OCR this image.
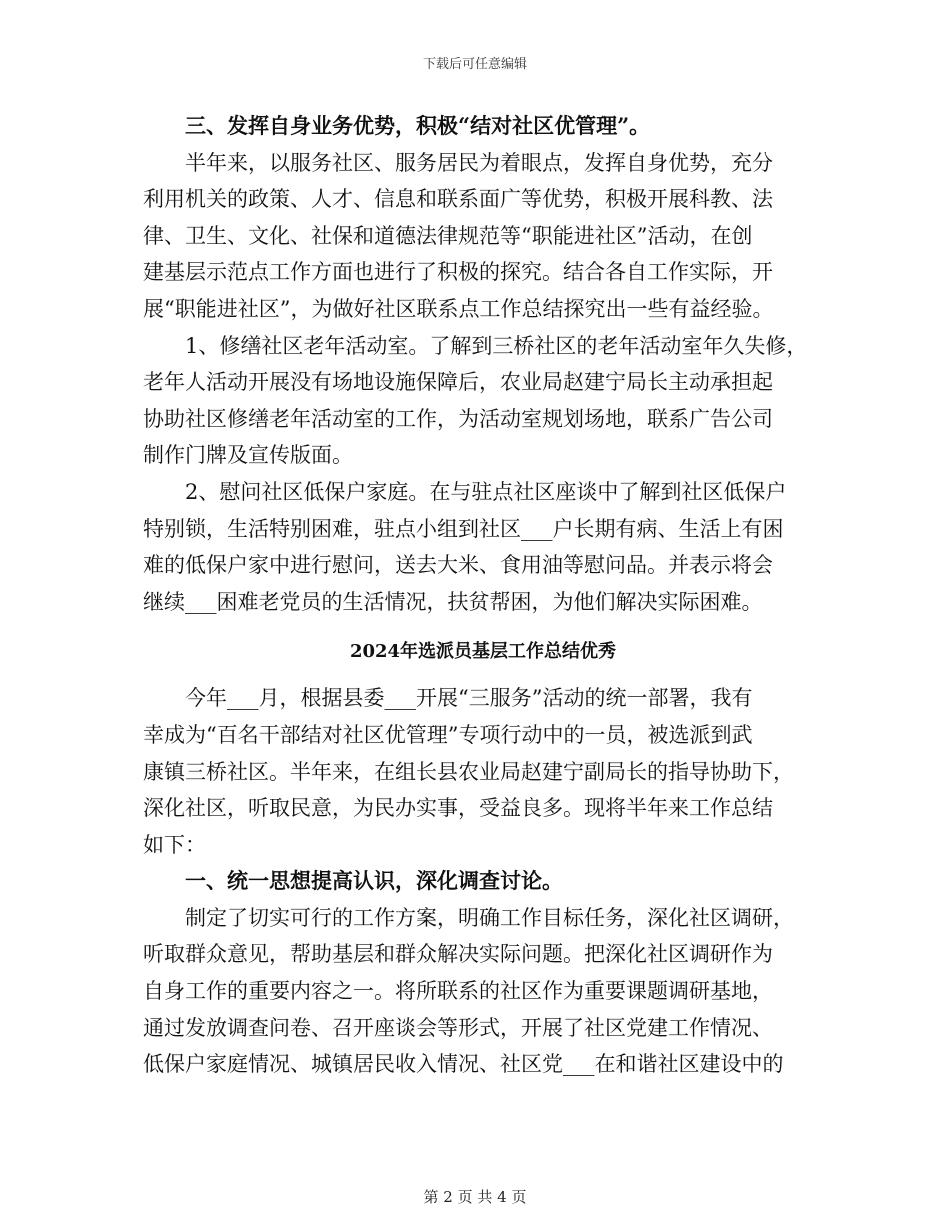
下载后可任意编辑
三、发挥自身业务优势，积极“结对社区优管理”。
半年来，以服务社区、服务居民为着眼点，发挥自身优势，充分
利用机关的政策、人才、信息和联系面广等优势，积极开展科教、法
律、卫生、文化、社保和道德法律规范等“职能进社区”活动，在创
建基层示范点工作方面也进行了积极的探究。结合各自工作实际，开
展“职能进社区”，为做好社区联系点工作总结探究出一些有益经验。
1、修缮社区老年活动室。了解到三桥社区的老年活动室年久失修，
老年人活动开展没有场地设施保障后，农业局赵建宁局长主动承担起
协助社区修缮老年活动室的工作，为活动室规划场地，联系广告公司
制作门牌及宣传版面。
2、慰问社区低保户家庭。在与驻点社区座谈中了解到社区低保户
特别锁，生活特别困难，驻点小组到社区___户长期有病、生活上有困
难的低保户家中进行慰问，送去大米、食用油等慰问品。并表示将会
继续___困难老党员的生活情况，扶贫帮困，为他们解决实际困难。
2024年选派员基层工作总结优秀
今年___月，根据县委___开展“三服务”活动的统一部署，我有
幸成为“百名干部结对社区优管理”专项行动中的一员，被选派到武
康镇三桥社区。半年来，在组长县农业局赵建宁副局长的指导协助下，
深化社区，听取民意，为民办实事，受益良多。现将半年来工作总结
如下：
一、统一思想提高认识，深化调查讨论。
制定了切实可行的工作方案，明确工作目标任务，深化社区调研，
听取群众意见，帮助基层和群众解决实际问题。把深化社区调研作为
自身工作的重要内容之一。将所联系的社区作为重要课题调研基地，
通过发放调查问卷、召开座谈会等形式，开展了社区党建工作情况、
低保户家庭情况、城镇居民收入情况、社区党___在和谐社区建设中的
第 2 页 共 4 页
